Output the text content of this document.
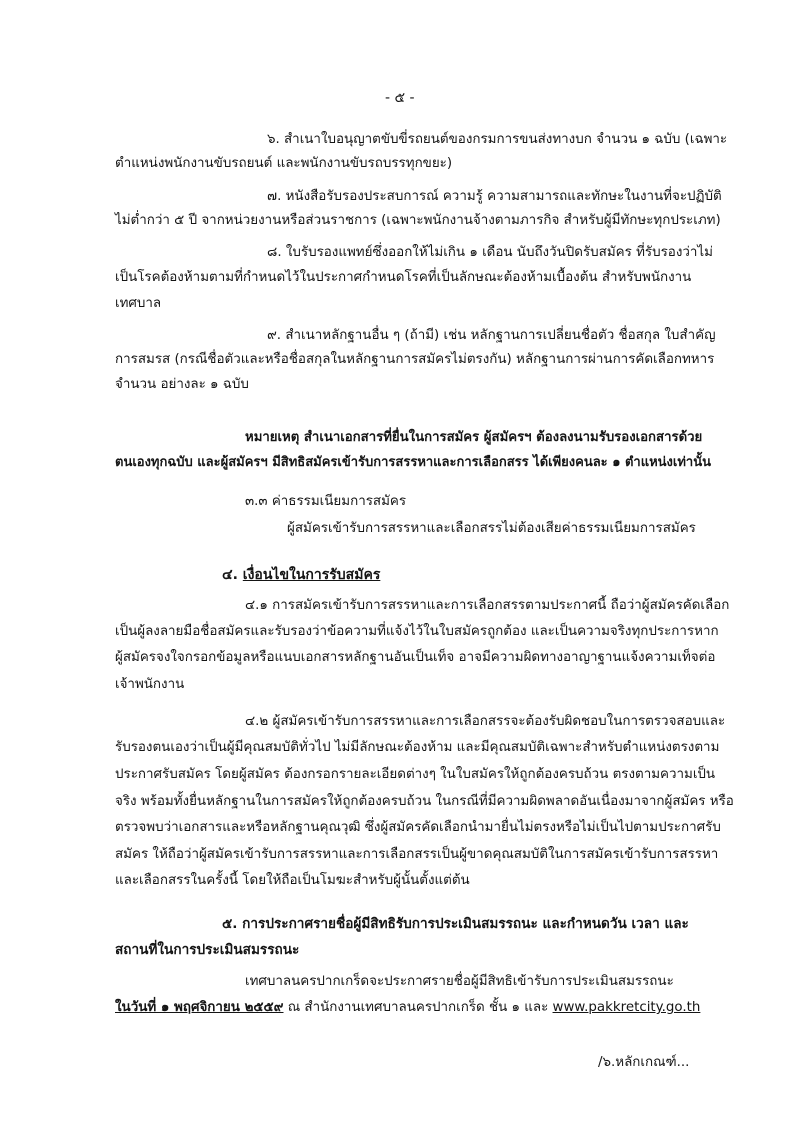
- ๕ -
๖. สำเนาใบอนุญาตขับขี่รถยนต์ของกรมการขนส่งทางบก จำนวน ๑ ฉบับ (เฉพาะ
ตำแหน่งพนักงานขับรถยนต์ และพนักงานขับรถบรรทุกขยะ)
๗. หนังสือรับรองประสบการณ์ ความรู้ ความสามารถและทักษะในงานที่จะปฏิบัติ
ไม่ต่ำกว่า ๕ ปี จากหน่วยงานหรือส่วนราชการ (เฉพาะพนักงานจ้างตามภารกิจ สำหรับผู้มีทักษะทุกประเภท)
๘. ใบรับรองแพทย์ซึ่งออกให้ไม่เกิน ๑ เดือน นับถึงวันปิดรับสมัคร ที่รับรองว่าไม่
เป็นโรคต้องห้ามตามที่กำหนดไว้ในประกาศกำหนดโรคที่เป็นลักษณะต้องห้ามเบื้องต้น สำหรับพนักงาน
เทศบาล
๙. สำเนาหลักฐานอื่น ๆ (ถ้ามี) เช่น หลักฐานการเปลี่ยนชื่อตัว ชื่อสกุล ใบสำคัญ
การสมรส (กรณีชื่อตัวและหรือชื่อสกุลในหลักฐานการสมัครไม่ตรงกัน) หลักฐานการผ่านการคัดเลือกทหาร
จำนวน อย่างละ ๑ ฉบับ
หมายเหตุ สำเนาเอกสารที่ยื่นในการสมัคร ผู้สมัครฯ ต้องลงนามรับรองเอกสารด้วย
ตนเองทุกฉบับ และผู้สมัครฯ มีสิทธิสมัครเข้ารับการสรรหาและการเลือกสรร ได้เพียงคนละ ๑ ตำแหน่งเท่านั้น
๓.๓ ค่าธรรมเนียมการสมัคร
ผู้สมัครเข้ารับการสรรหาและเลือกสรรไม่ต้องเสียค่าธรรมเนียมการสมัคร
๔. เงื่อนไขในการรับสมัคร
๔.๑ การสมัครเข้ารับการสรรหาและการเลือกสรรตามประกาศนี้ ถือว่าผู้สมัครคัดเลือก
เป็นผู้ลงลายมือชื่อสมัครและรับรองว่าข้อความที่แจ้งไว้ในใบสมัครถูกต้อง และเป็นความจริงทุกประการหาก
ผู้สมัครจงใจกรอกข้อมูลหรือแนบเอกสารหลักฐานอันเป็นเท็จ อาจมีความผิดทางอาญาฐานแจ้งความเท็จต่อ
เจ้าพนักงาน
๔.๒ ผู้สมัครเข้ารับการสรรหาและการเลือกสรรจะต้องรับผิดชอบในการตรวจสอบและ
รับรองตนเองว่าเป็นผู้มีคุณสมบัติทั่วไป ไม่มีลักษณะต้องห้าม และมีคุณสมบัติเฉพาะสำหรับตำแหน่งตรงตาม
ประกาศรับสมัคร โดยผู้สมัคร ต้องกรอกรายละเอียดต่างๆ ในใบสมัครให้ถูกต้องครบถ้วน ตรงตามความเป็น
จริง พร้อมทั้งยื่นหลักฐานในการสมัครให้ถูกต้องครบถ้วน ในกรณีที่มีความผิดพลาดอันเนื่องมาจากผู้สมัคร หรือ
ตรวจพบว่าเอกสารและหรือหลักฐานคุณวุฒิ ซึ่งผู้สมัครคัดเลือกนำมายื่นไม่ตรงหรือไม่เป็นไปตามประกาศรับ
สมัคร ให้ถือว่าผู้สมัครเข้ารับการสรรหาและการเลือกสรรเป็นผู้ขาดคุณสมบัติในการสมัครเข้ารับการสรรหา
และเลือกสรรในครั้งนี้ โดยให้ถือเป็นโมฆะสำหรับผู้นั้นตั้งแต่ต้น
๕. การประกาศรายชื่อผู้มีสิทธิรับการประเมินสมรรถนะ และกำหนดวัน เวลา และ
สถานที่ในการประเมินสมรรถนะ
เทศบาลนครปากเกร็ดจะประกาศรายชื่อผู้มีสิทธิเข้ารับการประเมินสมรรถนะ
ในวันที่ ๑ พฤศจิกายน ๒๕๕๙ ณ สำนักงานเทศบาลนครปากเกร็ด ชั้น ๑ และ www.pakkretcity.go.th
/๖.หลักเกณฑ์...
